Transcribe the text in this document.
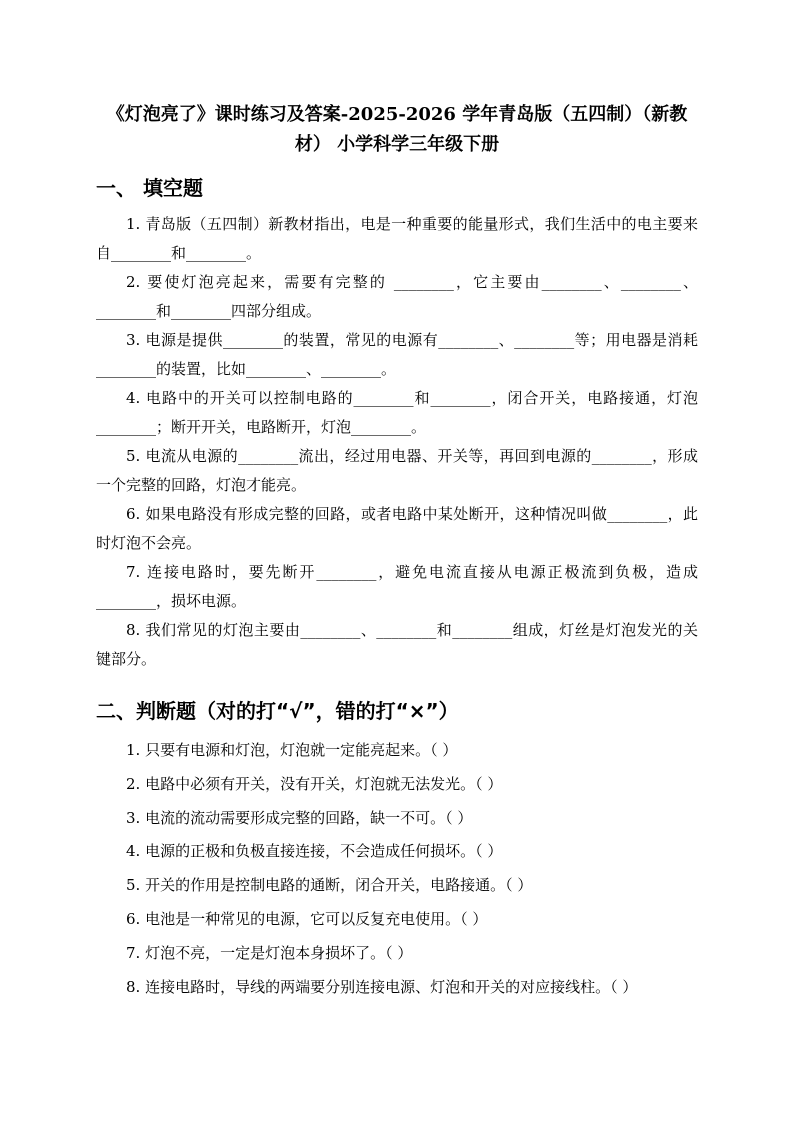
《灯泡亮了》课时练习及答案-2025-2026 学年青岛版（五四制）（新教材） 小学科学三年级下册
一、 填空题
1. 青岛版（五四制）新教材指出，电是一种重要的能量形式，我们生活中的电主要来自________和________。
2. 要使灯泡亮起来，需要有完整的 ________，它主要由________、________、________和________四部分组成。
3. 电源是提供________的装置，常见的电源有________、________等；用电器是消耗________的装置，比如________、________。
4. 电路中的开关可以控制电路的________和________，闭合开关，电路接通，灯泡________；断开开关，电路断开，灯泡________。
5. 电流从电源的________流出，经过用电器、开关等，再回到电源的________，形成一个完整的回路，灯泡才能亮。
6. 如果电路没有形成完整的回路，或者电路中某处断开，这种情况叫做________，此时灯泡不会亮。
7. 连接电路时，要先断开________，避免电流直接从电源正极流到负极，造成________，损坏电源。
8. 我们常见的灯泡主要由________、________和________组成，灯丝是灯泡发光的关键部分。
二、判断题（对的打“√”，错的打“×”）
1. 只要有电源和灯泡，灯泡就一定能亮起来。（ ）
2. 电路中必须有开关，没有开关，灯泡就无法发光。（ ）
3. 电流的流动需要形成完整的回路，缺一不可。（ ）
4. 电源的正极和负极直接连接，不会造成任何损坏。（ ）
5. 开关的作用是控制电路的通断，闭合开关，电路接通。（ ）
6. 电池是一种常见的电源，它可以反复充电使用。（ ）
7. 灯泡不亮，一定是灯泡本身损坏了。（ ）
8. 连接电路时，导线的两端要分别连接电源、灯泡和开关的对应接线柱。（ ）
